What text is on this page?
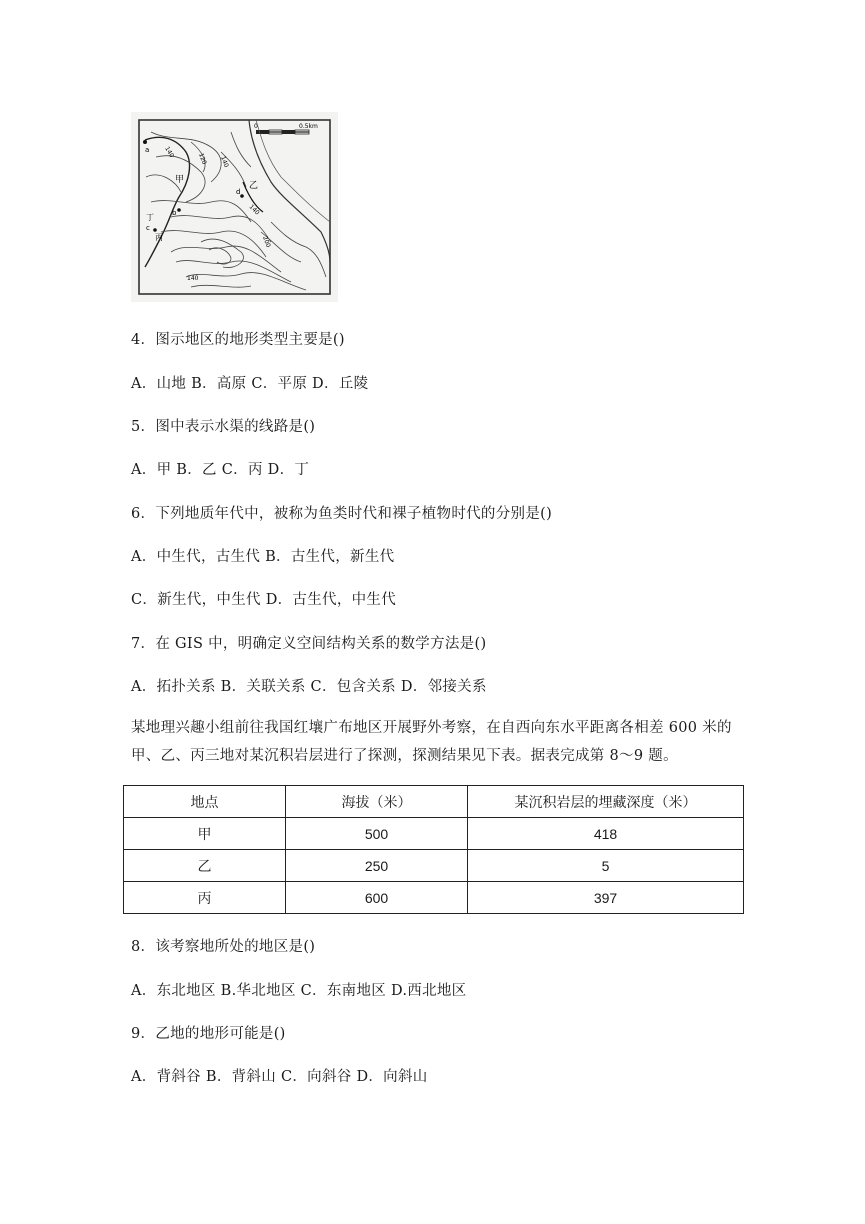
0	0.5km
a
甲
b
c
丙
丁
d
乙
140	120 140
140
200
140
4．图示地区的地形类型主要是()
A．山地 B．高原 C．平原 D．丘陵
5．图中表示水渠的线路是()
A．甲 B．乙 C．丙 D．丁
6．下列地质年代中，被称为鱼类时代和裸子植物时代的分别是()
A．中生代，古生代 B．古生代，新生代
C．新生代，中生代 D．古生代，中生代
7．在 GIS 中，明确定义空间结构关系的数学方法是()
A．拓扑关系 B．关联关系 C．包含关系 D．邻接关系
某地理兴趣小组前往我国红壤广布地区开展野外考察，在自西向东水平距离各相差 600 米的甲、乙、丙三地对某沉积岩层进行了探测，探测结果见下表。据表完成第 8～9 题。
地点	海拔（米）	某沉积岩层的埋藏深度（米）
甲	500	418
乙	250	5
丙	600	397
8．该考察地所处的地区是()
A．东北地区 B.华北地区 C．东南地区 D.西北地区
9．乙地的地形可能是()
A．背斜谷 B．背斜山 C．向斜谷 D．向斜山
